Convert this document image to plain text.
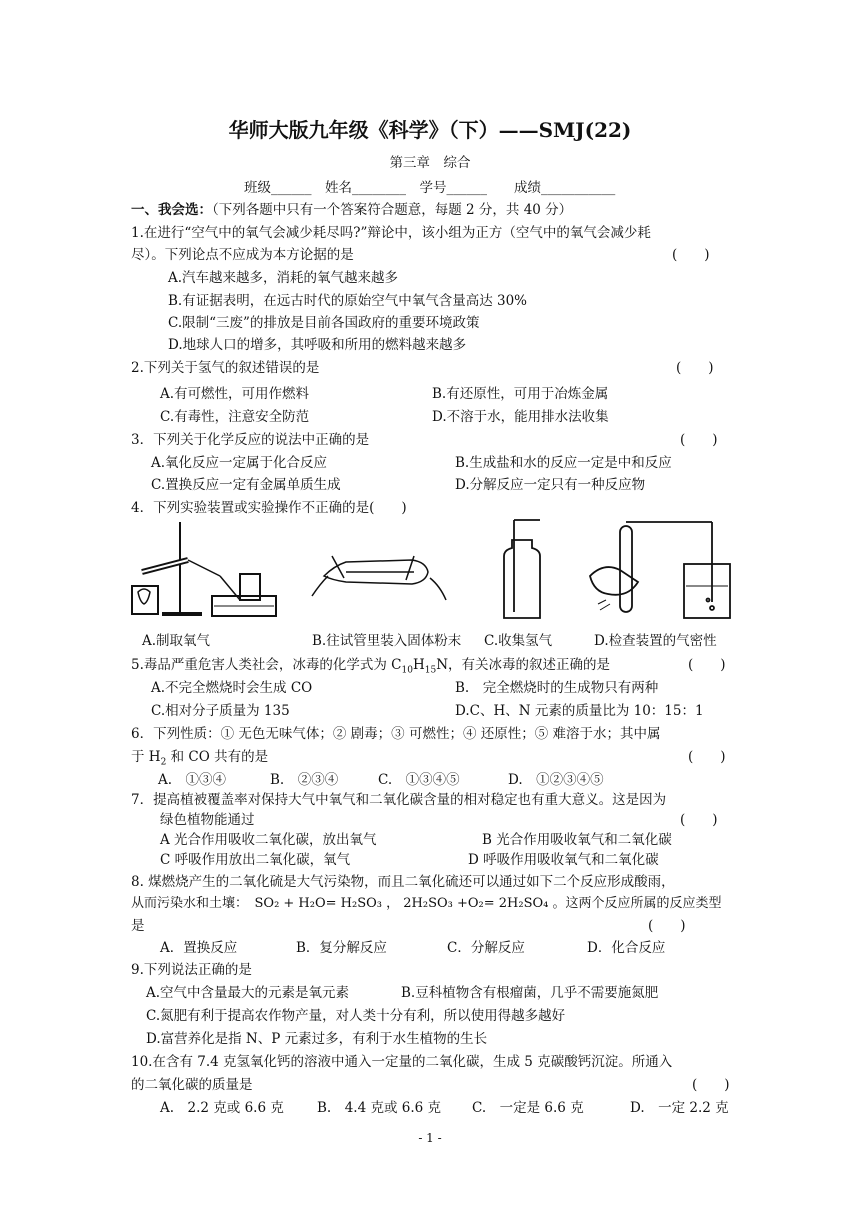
华师大版九年级《科学》（下）——SMJ(22)
第三章　综合
班级______　姓名________　学号______　　成绩___________
一、我会选：（下列各题中只有一个答案符合题意，每题 2 分，共 40 分）
1.在进行“空气中的氧气会减少耗尽吗?”辩论中，该小组为正方（空气中的氧气会减少耗
尽）。下列论点不应成为本方论据的是	(　　)
A.汽车越来越多，消耗的氧气越来越多
B.有证据表明，在远古时代的原始空气中氧气含量高达 30%
C.限制“三废”的排放是目前各国政府的重要环境政策
D.地球人口的增多，其呼吸和所用的燃料越来越多
2.下列关于氢气的叙述错误的是	(　　)
A.有可燃性，可用作燃料	B.有还原性，可用于冶炼金属
C.有毒性，注意安全防范	D.不溶于水，能用排水法收集
3．下列关于化学反应的说法中正确的是	(　　)
A.氧化反应一定属于化合反应	B.生成盐和水的反应一定是中和反应
C.置换反应一定有金属单质生成	D.分解反应一定只有一种反应物
4．下列实验装置或实验操作不正确的是(　　)
A.制取氧气	B.往试管里装入固体粉末 C.收集氢气	D.检查装置的气密性
5.毒品严重危害人类社会，冰毒的化学式为 $C_{10}H_{15}N$，有关冰毒的叙述正确的是	(　　)
A.不完全燃烧时会生成 CO	B.　完全燃烧时的生成物只有两种
C.相对分子质量为 135	D.C、H、N 元素的质量比为 10：15：1
6．下列性质：① 无色无味气体；② 剧毒；③ 可燃性；④ 还原性；⑤ 难溶于水；其中属
于 $H_2$ 和 CO 共有的是	(　　)
A.　①③④	B.　②③④	C.　①③④⑤	D.　①②③④⑤
7．提高植被覆盖率对保持大气中氧气和二氧化碳含量的相对稳定也有重大意义。这是因为
绿色植物能通过	(　　)
A 光合作用吸收二氧化碳，放出氧气	B 光合作用吸收氧气和二氧化碳
C 呼吸作用放出二氧化碳，氧气	D 呼吸作用吸收氧气和二氧化碳
8. 煤燃烧产生的二氧化硫是大气污染物，而且二氧化硫还可以通过如下二个反应形成酸雨，
从而污染水和土壤：　SO₂ + H₂O= H₂SO₃ ， 2H₂SO₃ +O₂= 2H₂SO₄ 。这两个反应所属的反应类型
是	(　　)
A．置换反应	B．复分解反应	C．分解反应	D．化合反应
9.下列说法正确的是
A.空气中含量最大的元素是氧元素	B.豆科植物含有根瘤菌，几乎不需要施氮肥
C.氮肥有利于提高农作物产量，对人类十分有利，所以使用得越多越好
D.富营养化是指 N、P 元素过多，有利于水生植物的生长
10.在含有 7.4 克氢氧化钙的溶液中通入一定量的二氧化碳，生成 5 克碳酸钙沉淀。所通入
的二氧化碳的质量是	(　　)
A.　2.2 克或 6.6 克 B.　4.4 克或 6.6 克 C.　一定是 6.6 克	D.　一定 2.2 克
- 1 -
